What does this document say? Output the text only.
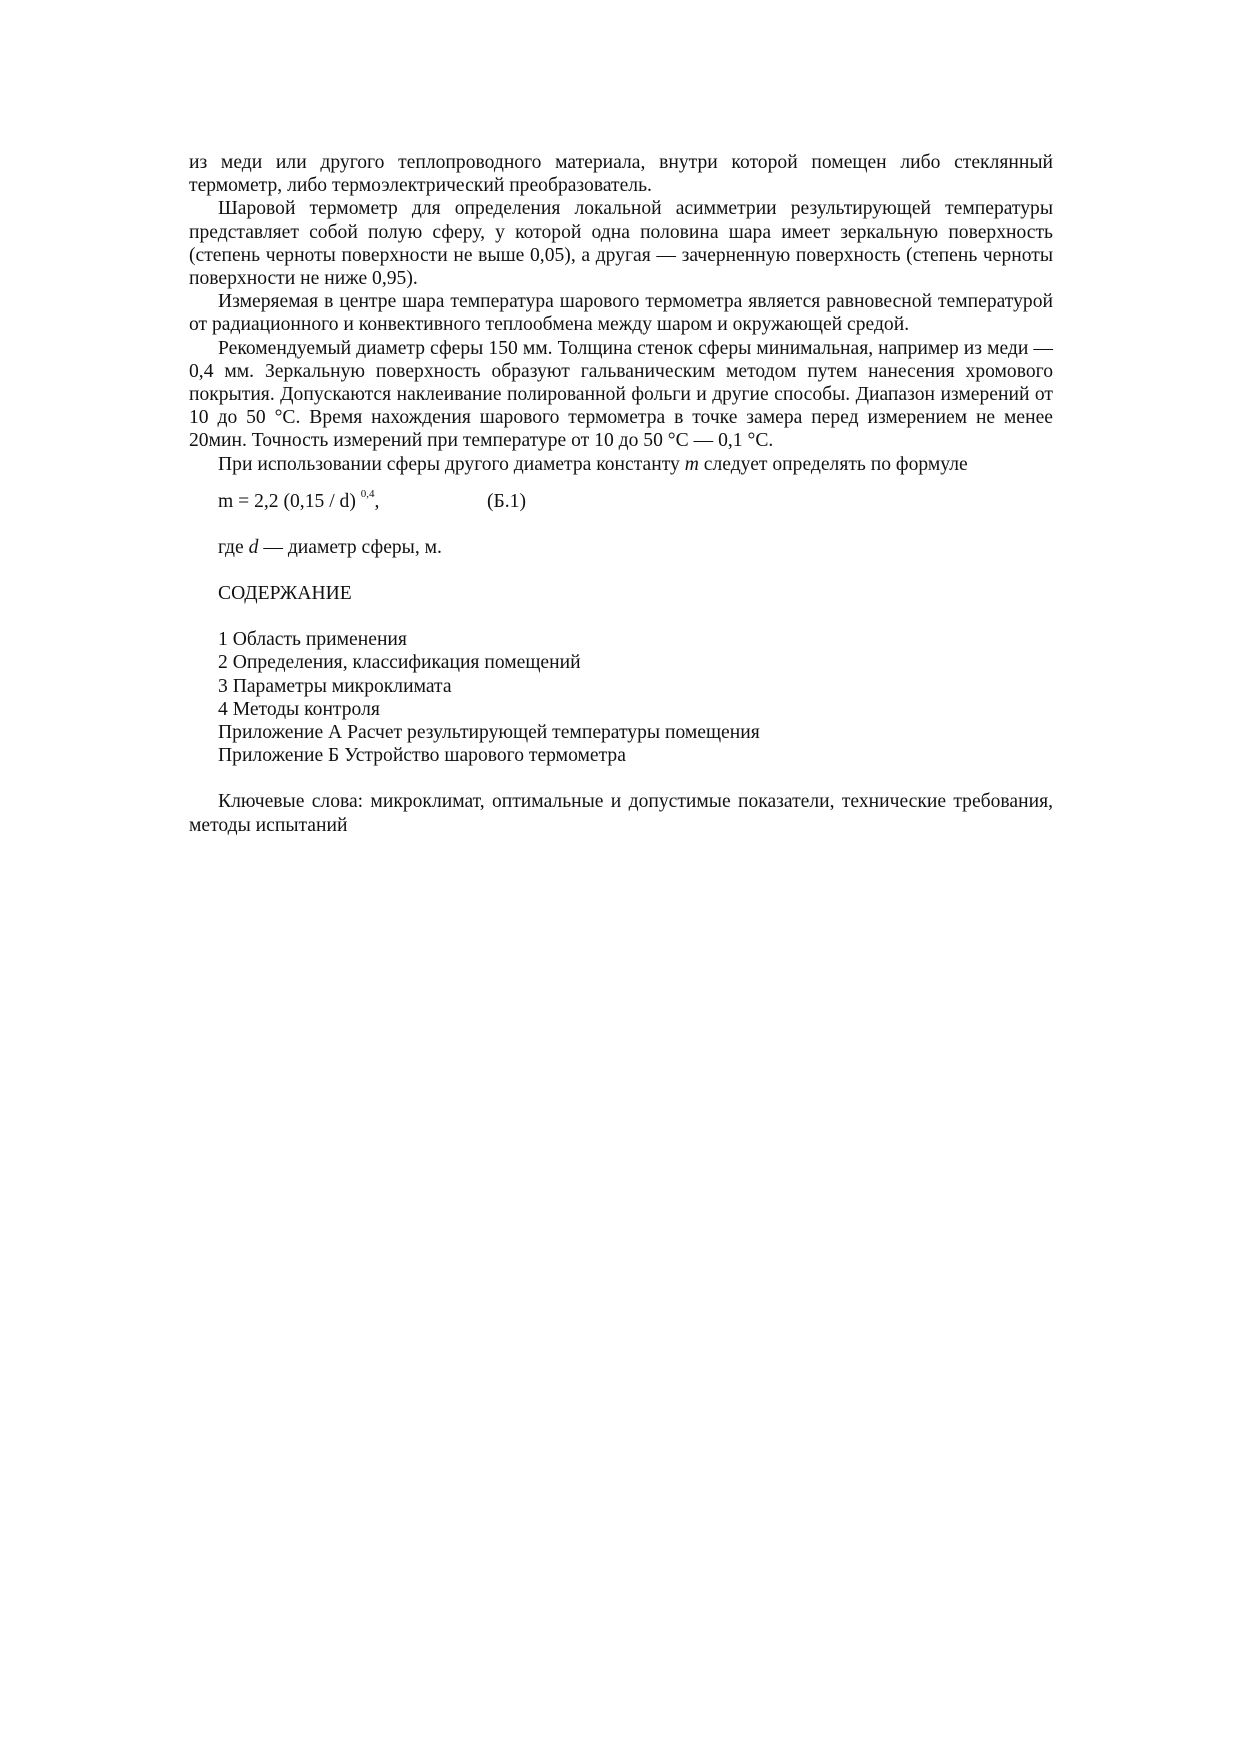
из меди или другого теплопроводного материала, внутри которой помещен либо стеклянный термометр, либо термоэлектрический преобразователь.

Шаровой термометр для определения локальной асимметрии результирующей температуры представляет собой полую сферу, у которой одна половина шара имеет зеркальную поверхность (степень черноты поверхности не выше 0,05), а другая — зачерненную поверхность (степень черноты поверхности не ниже 0,95).

Измеряемая в центре шара температура шарового термометра является равновесной температурой от радиационного и конвективного теплообмена между шаром и окружающей средой.

Рекомендуемый диаметр сферы 150 мм. Толщина стенок сферы минимальная, например из меди — 0,4 мм. Зеркальную поверхность образуют гальваническим методом путем нанесения хромового покрытия. Допускаются наклеивание полированной фольги и другие способы. Диапазон измерений от 10 до 50 °С. Время нахождения шарового термометра в точке замера перед измерением не менее 20мин. Точность измерений при температуре от 10 до 50 °С — 0,1 °С.

При использовании сферы другого диаметра константу m следует определять по формуле

m = 2,2 (0,15 / d) $^{0,4}$,	(Б.1)

где d — диаметр сферы, м.

СОДЕРЖАНИЕ

1 Область применения

2 Определения, классификация помещений

3 Параметры микроклимата

4 Методы контроля

Приложение А Расчет результирующей температуры помещения

Приложение Б Устройство шарового термометра

Ключевые слова: микроклимат, оптимальные и допустимые показатели, технические требования, методы испытаний
